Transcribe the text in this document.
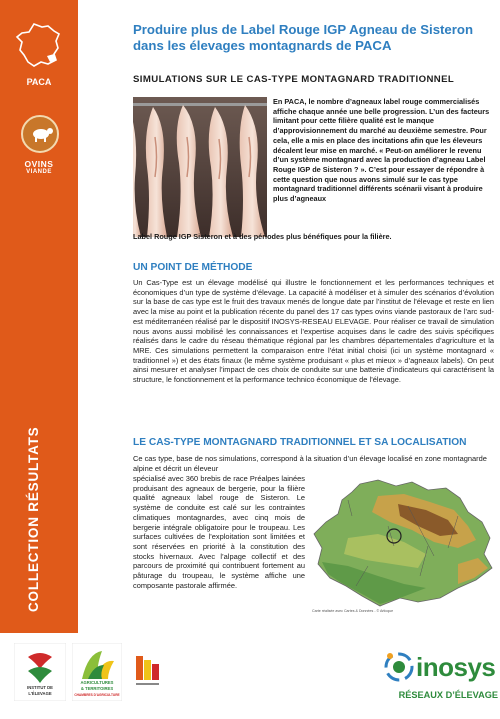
PACA
OVINS
VIANDE
COLLECTION RÉSULTATS
Produire plus de Label Rouge IGP Agneau de Sisteron dans les élevages montagnards de PACA
SIMULATIONS SUR LE CAS-TYPE MONTAGNARD TRADITIONNEL
En PACA, le nombre d’agneaux label rouge commercialisés affiche chaque année une belle progression. L’un des facteurs limitant pour cette filière qualité est le manque d’approvisionnement du marché au deuxième semestre. Pour cela, elle a mis en place des incitations afin que les éleveurs décalent leur mise en marché. « Peut-on améliorer le revenu d’un système montagnard avec la production d’agneau Label Rouge IGP de Sisteron ? ». C’est pour essayer de répondre à cette question que nous avons simulé sur le cas type montagnard traditionnel différents scénarii visant à produire plus d’agneaux
Label Rouge IGP Sisteron et à des périodes plus bénéfiques pour la filière.
UN POINT DE MÉTHODE
Un Cas-Type est un élevage modélisé qui illustre le fonctionnement et les performances techniques et économiques d’un type de système d’élevage. La capacité à modéliser et à simuler des scénarios d’évolution sur la base de cas type est le fruit des travaux menés de longue date par l’institut de l’élevage et reste en lien avec la mise au point et la publication récente du panel des 17 cas types ovins viande pastoraux de l’arc sud-est méditerranéen réalisé par le dispositif INOSYS-RESEAU ELEVAGE. Pour réaliser ce travail de simulation nous avons aussi mobilisé les connaissances et l’expertise acquises dans le cadre des suivis spécifiques réalisés dans le cadre du réseau thématique régional par les chambres départementales d’agriculture et la MRE. Ces simulations permettent la comparaison entre l’état initial choisi (ici un système montagnard « traditionnel ») et des états finaux (le même système produisant « plus et mieux » d’agneaux labels). On peut ainsi mesurer et analyser l’impact de ces choix de conduite sur une batterie d’indicateurs qui caractérisent la structure, le fonctionnement et la performance technico économique de l’élevage.
LE CAS-TYPE MONTAGNARD TRADITIONNEL ET SA LOCALISATION
Ce cas type, base de nos simulations, correspond à la situation d’un élevage localisé en zone montagnarde alpine et décrit un éleveur
spécialisé avec 360 brebis de race Préalpes lainées produisant des agneaux de bergerie, pour la filière qualité agneaux label rouge de Sisteron. Le système de conduite est calé sur les contraintes climatiques montagnardes, avec cinq mois de bergerie intégrale obligatoire pour le troupeau. Les surfaces cultivées de l’exploitation sont limitées et sont réservées en priorité à la constitution des stocks hivernaux. Avec l’alpage collectif et des parcours de proximité qui contribuent fortement au pâturage du troupeau, le système affiche une composante pastorale affirmée.
Carte réalisée avec Cartes & Données - © Articque
INSTITUT DE
L'ÉLEVAGE
AGRICULTURES
& TERRITOIRES
CHAMBRES D'AGRICULTURE
inosys
RÉSEAUX D’ÉLEVAGE
